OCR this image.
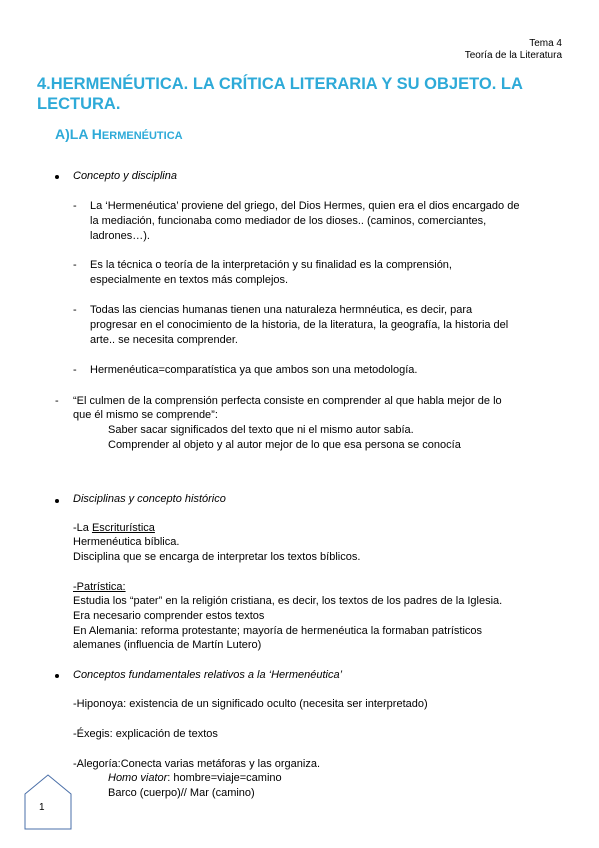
Tema 4
Teoría de la Literatura
4.HERMENÉUTICA. LA CRÍTICA LITERARIA Y SU OBJETO. LA LECTURA.
A)LA HERMENÉUTICA
Concepto y disciplina
- La ‘Hermenéutica’ proviene del griego, del Dios Hermes, quien era el dios encargado de
la mediación, funcionaba como mediador de los dioses.. (caminos, comerciantes,
ladrones…).
- Es la técnica o teoría de la interpretación y su finalidad es la comprensión,
especialmente en textos más complejos.
- Todas las ciencias humanas tienen una naturaleza hermnéutica, es decir, para
progresar en el conocimiento de la historia, de la literatura, la geografía, la historia del
arte.. se necesita comprender.
- Hermenéutica=comparatística ya que ambos son una metodología.
- “El culmen de la comprensión perfecta consiste en comprender al que habla mejor de lo
que él mismo se comprende”:
Saber sacar significados del texto que ni el mismo autor sabía.
Comprender al objeto y al autor mejor de lo que esa persona se conocía
Disciplinas y concepto histórico
-La Escriturística
Hermenéutica bíblica.
Disciplina que se encarga de interpretar los textos bíblicos.
-Patrística:
Estudia los “pater” en la religión cristiana, es decir, los textos de los padres de la Iglesia.
Era necesario comprender estos textos
En Alemania: reforma protestante; mayoría de hermenéutica la formaban patrísticos
alemanes (influencia de Martín Lutero)
Conceptos fundamentales relativos a la ‘Hermenéutica’
-Hiponoya: existencia de un significado oculto (necesita ser interpretado)
-Éxegis: explicación de textos
-Alegoría:Conecta varias metáforas y las organiza.
Homo viator: hombre=viaje=camino
Barco (cuerpo)// Mar (camino)
1
